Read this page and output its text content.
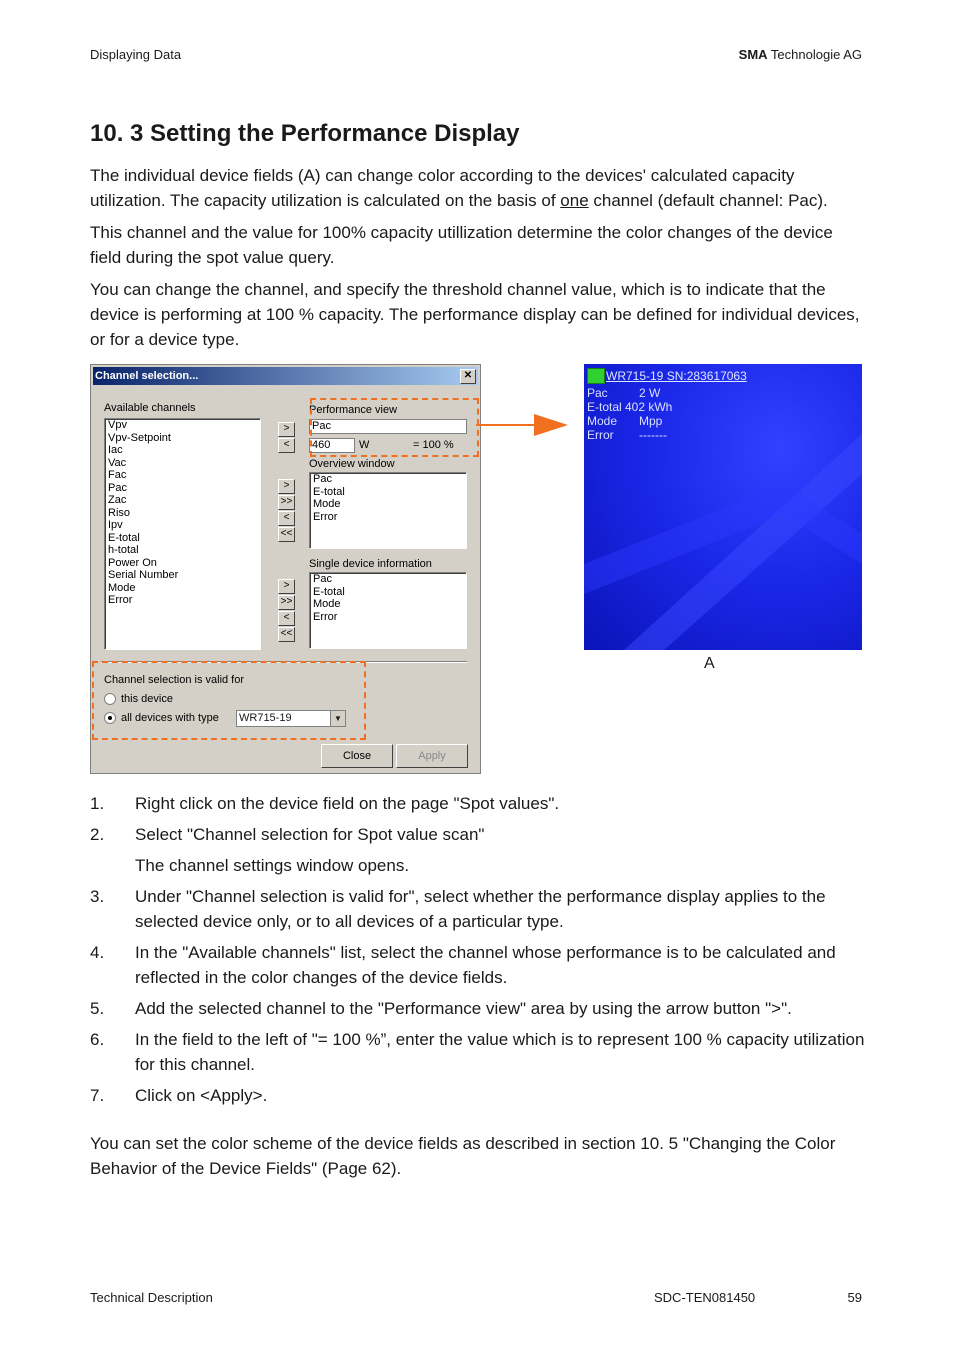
Displaying Data	SMA Technologie AG
10. 3 Setting the Performance Display

The individual device fields (A) can change color according to the devices' calculated capacity utilization. The capacity utilization is calculated on the basis of one channel (default channel: Pac).

This channel and the value for 100% capacity utillization determine the color changes of the device field during the spot value query.

You can change the channel, and specify the threshold channel value, which is to indicate that the device is performing at 100 % capacity. The performance display can be defined for individual devices, or for a device type.

Channel selection...	✕
Available channels
Vpv
Vpv-Setpoint
Iac
Vac
Fac
Pac
Zac
Riso
Ipv
E-total
h-total
Power On
Serial Number
Mode
Error
>
<
Performance view
Pac
460	W	= 100 %
Overview window
Pac
E-total
Mode
Error
>
>>
<
<<
Single device information
Pac
E-total
Mode
Error
>
>>
<
<<
Channel selection is valid for
this device
all devices with type WR715-19	▼
Close	Apply
WR715-19 SN:283617063
Pac	2 W
E-total 402 kWh
Mode Mpp
Error -------
A
1. Right click on the device field on the page "Spot values".
2. Select "Channel selection for Spot value scan"
The channel settings window opens.
3. Under "Channel selection is valid for", select whether the performance display applies to the selected device only, or to all devices of a particular type.
4. In the "Available channels" list, select the channel whose performance is to be calculated and reflected in the color changes of the device fields.
5. Add the selected channel to the "Performance view" area by using the arrow button ">".
6. In the field to the left of "= 100 %”, enter the value which is to represent 100 % capacity utilization for this channel.
7. Click on <Apply>.

You can set the color scheme of the device fields as described in section 10. 5 "Changing the Color Behavior of the Device Fields" (Page 62).

Technical Description	SDC-TEN081450	59
